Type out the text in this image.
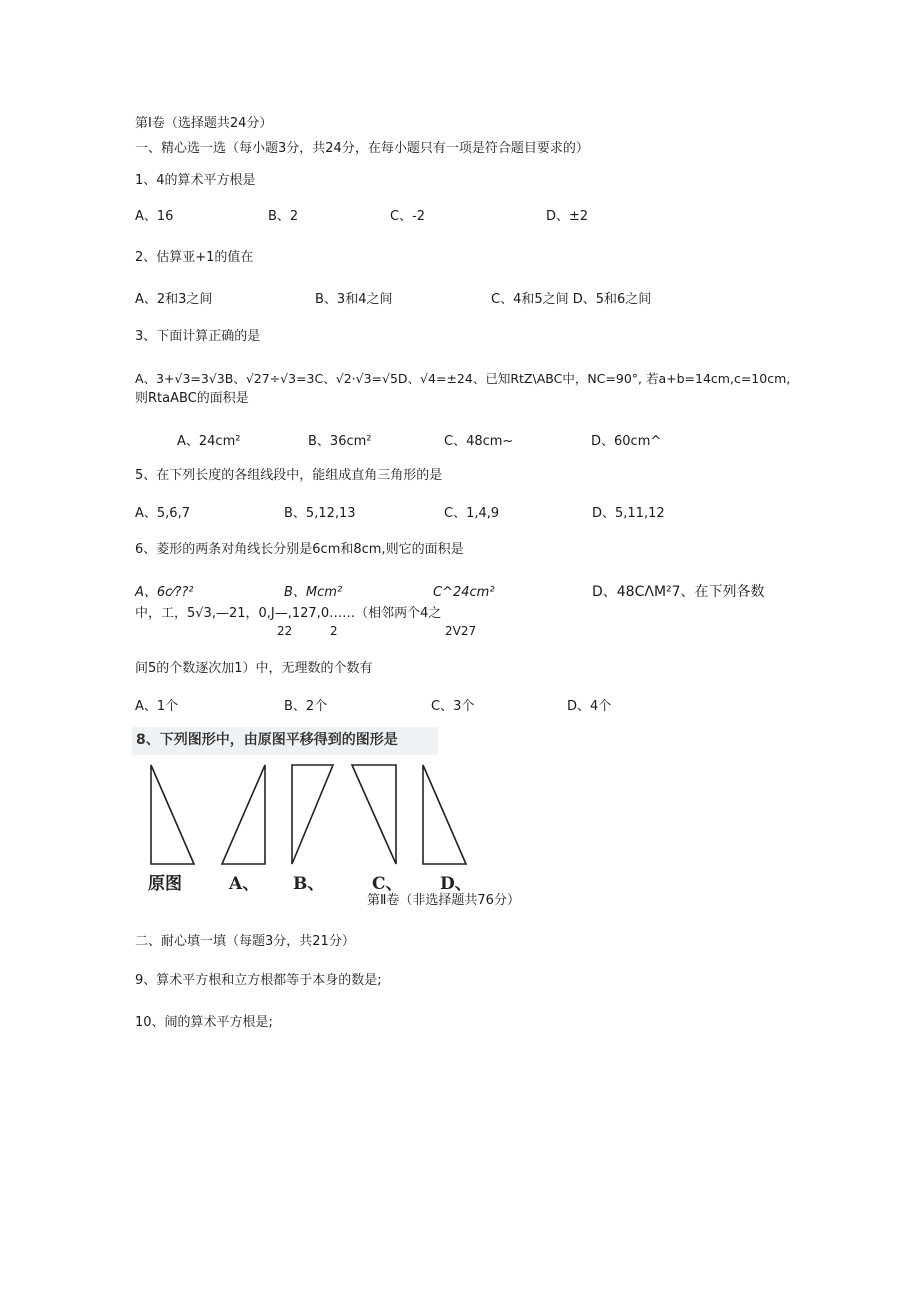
第Ⅰ卷（选择题共24分）
一、精心选一选（每小题3分，共24分，在每小题只有一项是符合题目要求的）
1、4的算术平方根是
A、16	B、2	C、-2	D、±2
2、估算亚+1的值在
A、2和3之间	B、3和4之间	C、4和5之间 D、5和6之间
3、下面计算正确的是
A、3+√3=3√3B、√27÷√3=3C、√2·√3=√5D、√4=±24、已知RtZ\ABC中，NC=90°, 若a+b=14cm,c=10cm,
则RtaABC的面积是
A、24cm²	B、36cm²	C、48cm~	D、60cm^
5、在下列长度的各组线段中，能组成直角三角形的是
A、5,6,7	B、5,12,13	C、1,4,9	D、5,11,12
6、菱形的两条对角线长分别是6cm和8cm,则它的面积是
A、6c⁄??²	B、Mcm²	C^24cm²	D、48CΛM²7、在下列各数
中，工，5√3,—21，0,J—,127,0……（相邻两个4之
22	2	2V27
间5的个数逐次加1）中，无理数的个数有
A、1个	B、2个	C、3个	D、4个
8、下列图形中，由原图平移得到的图形是
原图	A、 B、	C、 D、
第Ⅱ卷（非选择题共76分）
二、耐心填一填（每题3分，共21分）
9、算术平方根和立方根都等于本身的数是;
10、闹的算术平方根是;
